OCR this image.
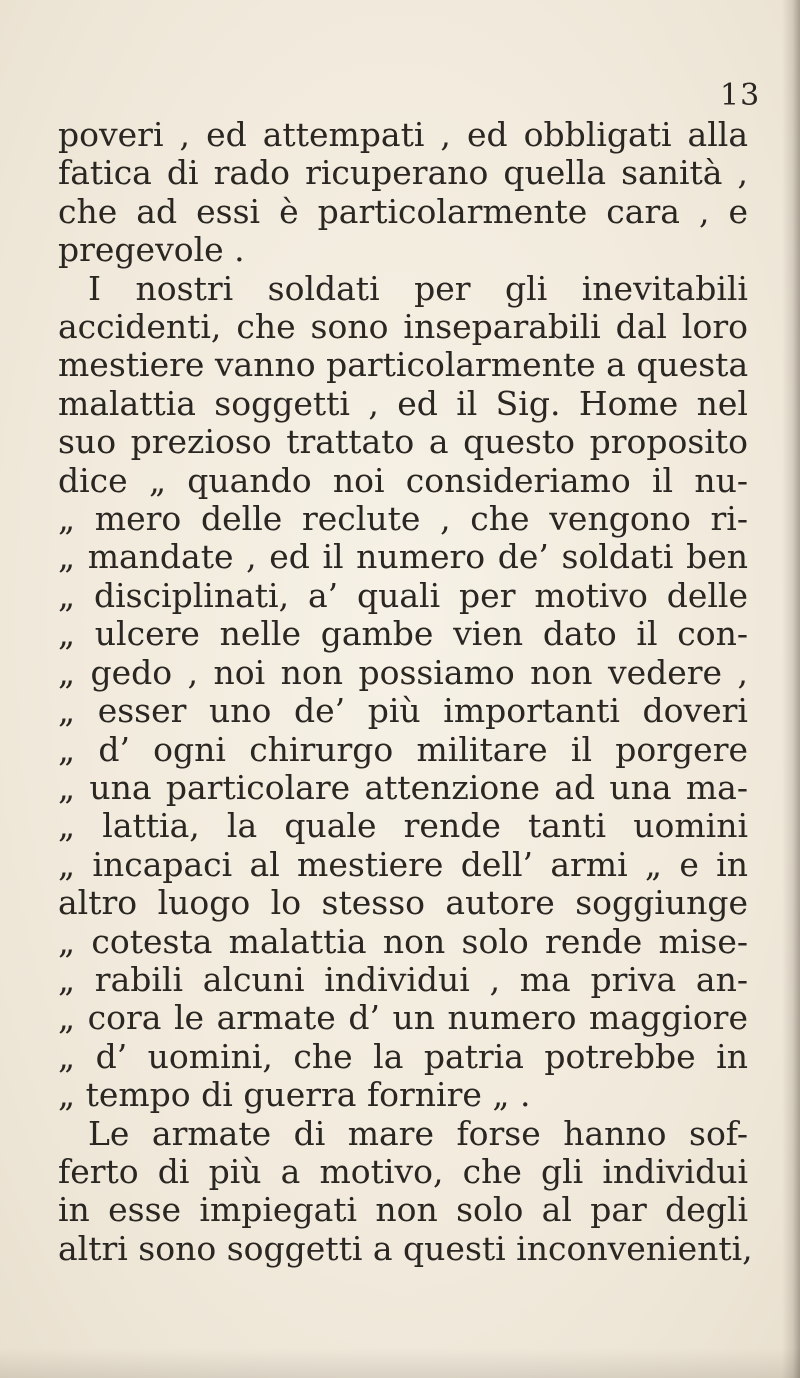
13
poveri , ed attempati , ed obbligati alla
fatica di rado ricuperano quella sanità ,
che ad essi è particolarmente cara , e
pregevole .
I nostri soldati per gli inevitabili
accidenti, che sono inseparabili dal loro
mestiere vanno particolarmente a questa
malattia soggetti , ed il Sig. Home nel
suo prezioso trattato a questo proposito
dice „ quando noi consideriamo il nu-
„ mero delle reclute , che vengono ri-
„ mandate , ed il numero de’ soldati ben
„ disciplinati, a’ quali per motivo delle
„ ulcere nelle gambe vien dato il con-
„ gedo , noi non possiamo non vedere ,
„ esser uno de’ più importanti doveri
„ d’ ogni chirurgo militare il porgere
„ una particolare attenzione ad una ma-
„ lattia, la quale rende tanti uomini
„ incapaci al mestiere dell’ armi „ e in
altro luogo lo stesso autore soggiunge
„ cotesta malattia non solo rende mise-
„ rabili alcuni individui , ma priva an-
„ cora le armate d’ un numero maggiore
„ d’ uomini, che la patria potrebbe in
„ tempo di guerra fornire „ .
Le armate di mare forse hanno sof-
ferto di più a motivo, che gli individui
in esse impiegati non solo al par degli
altri sono soggetti a questi inconvenienti,
